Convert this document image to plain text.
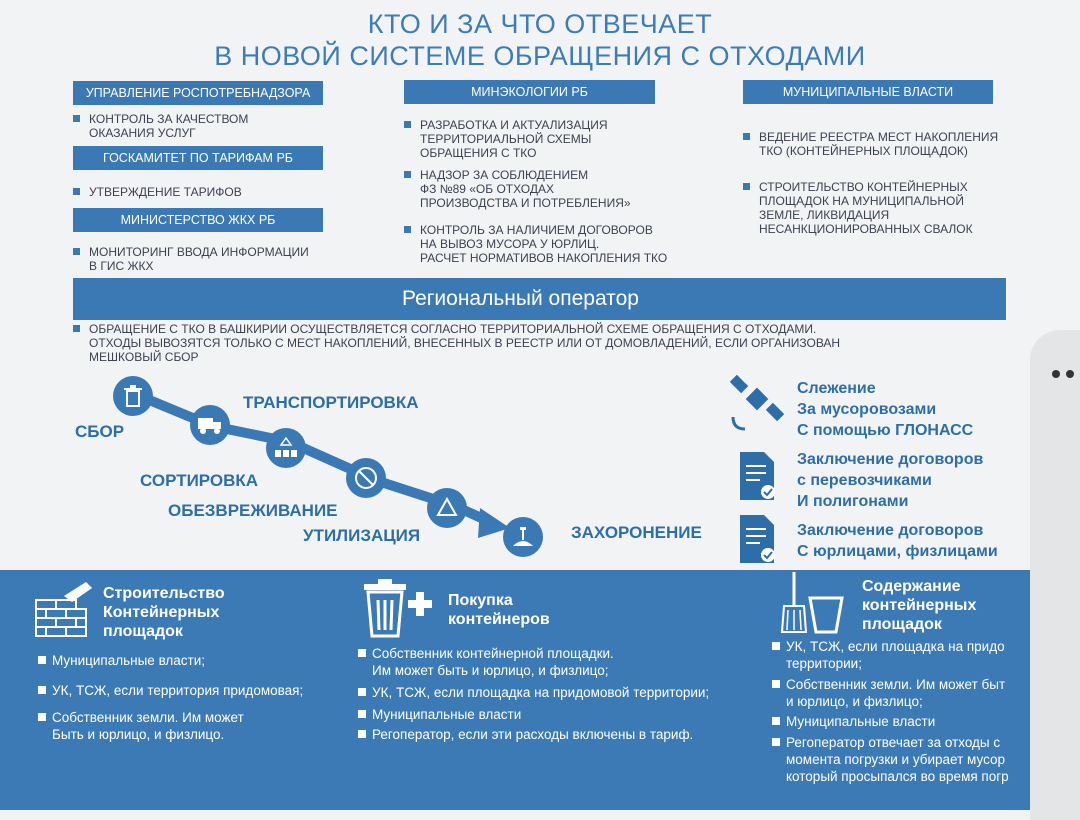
КТО И ЗА ЧТО ОТВЕЧАЕТ
В НОВОЙ СИСТЕМЕ ОБРАЩЕНИЯ С ОТХОДАМИ
УПРАВЛЕНИЕ РОСПОТРЕБНАДЗОРА
КОНТРОЛЬ ЗА КАЧЕСТВОМ
ОКАЗАНИЯ УСЛУГ
ГОСКАМИТЕТ ПО ТАРИФАМ РБ
УТВЕРЖДЕНИЕ ТАРИФОВ
МИНИСТЕРСТВО ЖКХ РБ
МОНИТОРИНГ ВВОДА ИНФОРМАЦИИ
В ГИС ЖКХ
МИНЭКОЛОГИИ РБ
РАЗРАБОТКА И АКТУАЛИЗАЦИЯ
ТЕРРИТОРИАЛЬНОЙ СХЕМЫ
ОБРАЩЕНИЯ С ТКО
НАДЗОР ЗА СОБЛЮДЕНИЕМ
ФЗ №89 «ОБ ОТХОДАХ
ПРОИЗВОДСТВА И ПОТРЕБЛЕНИЯ»
КОНТРОЛЬ ЗА НАЛИЧИЕМ ДОГОВОРОВ
НА ВЫВОЗ МУСОРА У ЮРЛИЦ.
РАСЧЕТ НОРМАТИВОВ НАКОПЛЕНИЯ ТКО
МУНИЦИПАЛЬНЫЕ ВЛАСТИ
ВЕДЕНИЕ РЕЕСТРА МЕСТ НАКОПЛЕНИЯ
ТКО (КОНТЕЙНЕРНЫХ ПЛОЩАДОК)
СТРОИТЕЛЬСТВО КОНТЕЙНЕРНЫХ
ПЛОЩАДОК НА МУНИЦИПАЛЬНОЙ
ЗЕМЛЕ, ЛИКВИДАЦИЯ
НЕСАНКЦИОНИРОВАННЫХ СВАЛОК
Региональный оператор
ОБРАЩЕНИЕ С ТКО В БАШКИРИИ ОСУЩЕСТВЛЯЕТСЯ СОГЛАСНО ТЕРРИТОРИАЛЬНОЙ СХЕМЕ ОБРАЩЕНИЯ С ОТХОДАМИ.
ОТХОДЫ ВЫВОЗЯТСЯ ТОЛЬКО С МЕСТ НАКОПЛЕНИЙ, ВНЕСЕННЫХ В РЕЕСТР ИЛИ ОТ ДОМОВЛАДЕНИЙ, ЕСЛИ ОРГАНИЗОВАН
МЕШКОВЫЙ СБОР
СБОР
ТРАНСПОРТИРОВКА
СОРТИРОВКА
ОБЕЗВРЕЖИВАНИЕ
УТИЛИЗАЦИЯ	ЗАХОРОНЕНИЕ
Слежение
За мусоровозами
С помощью ГЛОНАСС
Заключение договоров
с перевозчиками
И полигонами
Заключение договоров
С юрлицами, физлицами
Строительство
Контейнерных
площадок
Муниципальные власти;
УК, ТСЖ, если территория придомовая;
Собственник земли. Им может
Быть и юрлицо, и физлицо.
Покупка
контейнеров
Собственник контейнерной площадки.
Им может быть и юрлицо, и физлицо;
УК, ТСЖ, если площадка на придомовой территории;
Муниципальные власти
Регоператор, если эти расходы включены в тариф.
Содержание
контейнерных
площадок
УК, ТСЖ, если площадка на придо
территории;
Собственник земли. Им может быт
и юрлицо, и физлицо;
Муниципальные власти
Регоператор отвечает за отходы с
момента погрузки и убирает мусор
который просыпался во время погр
